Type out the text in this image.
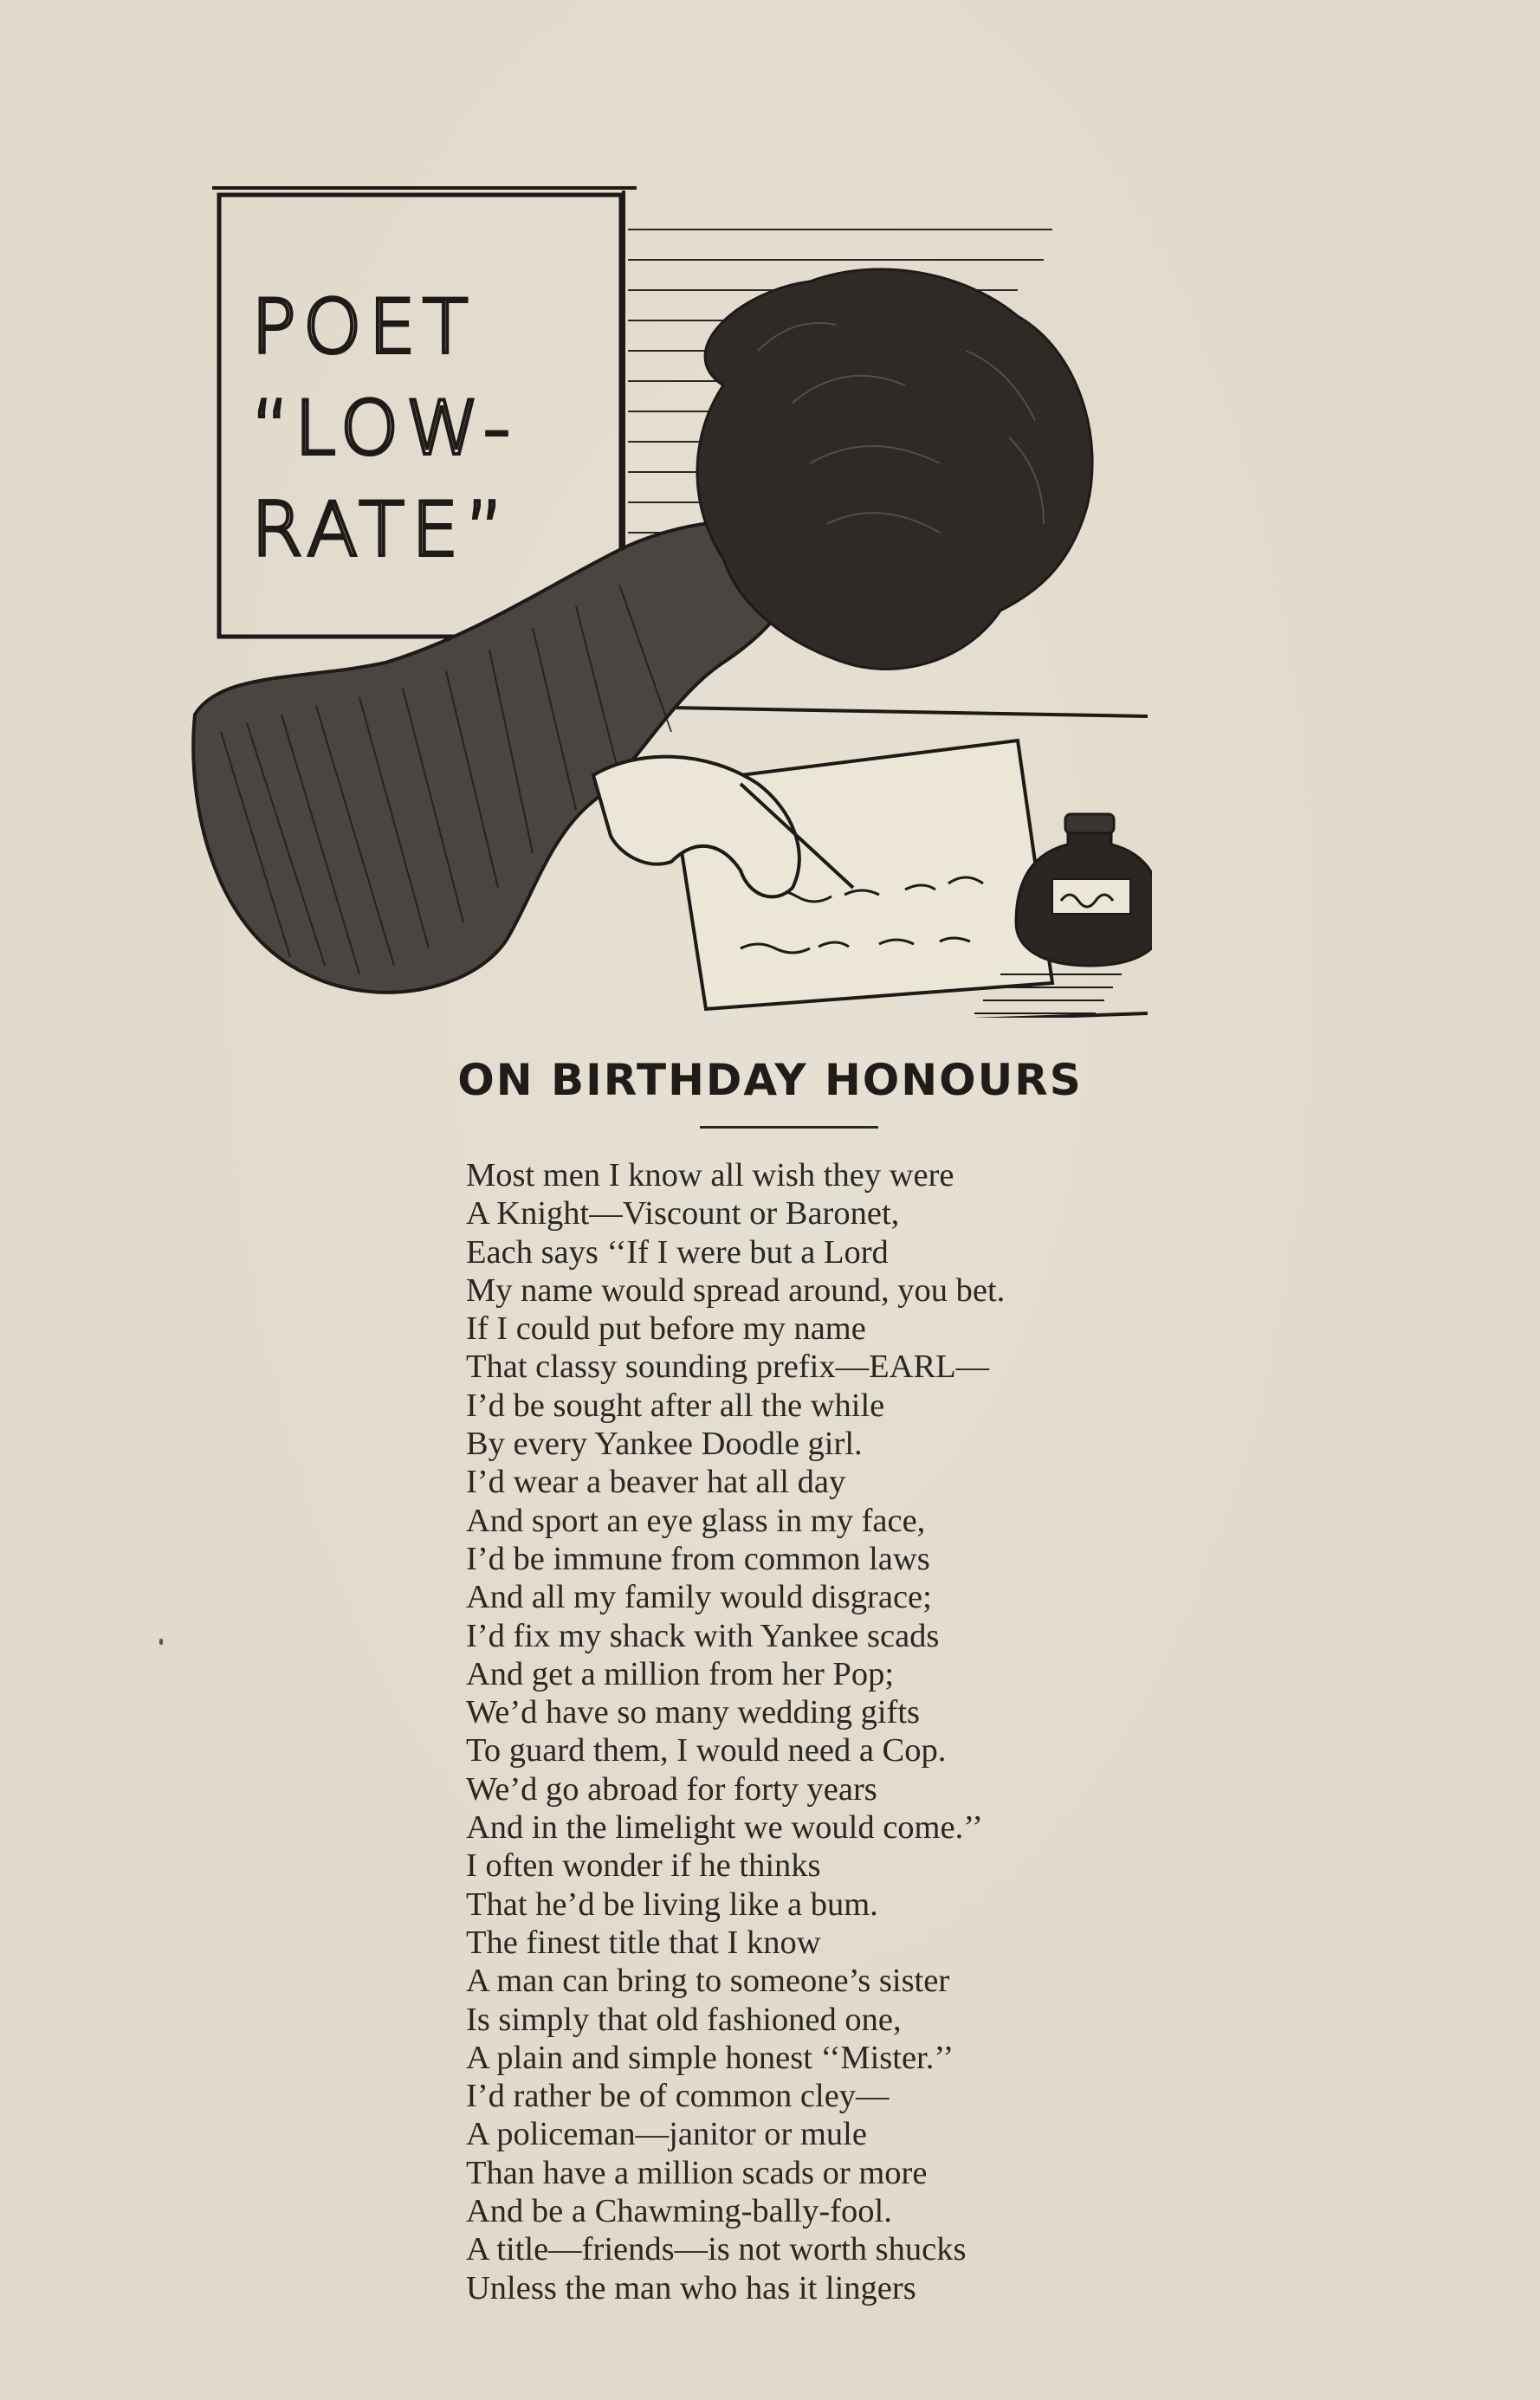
POET
“LOW-
RATE”
ON BIRTHDAY HONOURS
Most men I know all wish they were
A Knight—Viscount or Baronet,
Each says ‘‘If I were but a Lord
My name would spread around, you bet.
If I could put before my name
That classy sounding prefix—EARL—
I’d be sought after all the while
By every Yankee Doodle girl.
I’d wear a beaver hat all day
And sport an eye glass in my face,
I’d be immune from common laws
And all my family would disgrace;
I’d fix my shack with Yankee scads
And get a million from her Pop;
We’d have so many wedding gifts
To guard them, I would need a Cop.
We’d go abroad for forty years
And in the limelight we would come.’’
I often wonder if he thinks
That he’d be living like a bum.
The finest title that I know
A man can bring to someone’s sister
Is simply that old fashioned one,
A plain and simple honest ‘‘Mister.’’
I’d rather be of common cley—
A policeman—janitor or mule
Than have a million scads or more
And be a Chawming-bally-fool.
A title—friends—is not worth shucks
Unless the man who has it lingers
